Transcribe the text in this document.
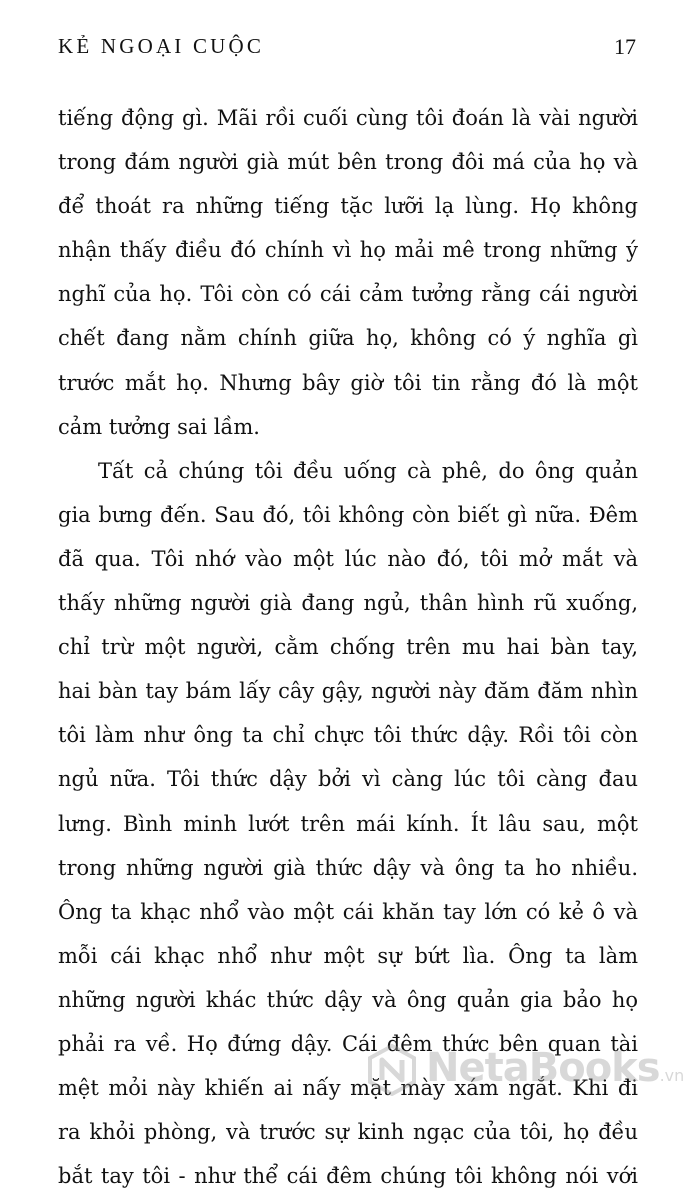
KẺ NGOẠI CUỘC	17
tiếng động gì. Mãi rồi cuối cùng tôi đoán là vài người
trong đám người già mút bên trong đôi má của họ và
để thoát ra những tiếng tặc lưỡi lạ lùng. Họ không
nhận thấy điều đó chính vì họ mải mê trong những ý
nghĩ của họ. Tôi còn có cái cảm tưởng rằng cái người
chết đang nằm chính giữa họ, không có ý nghĩa gì
trước mắt họ. Nhưng bây giờ tôi tin rằng đó là một
cảm tưởng sai lầm.
Tất cả chúng tôi đều uống cà phê, do ông quản
gia bưng đến. Sau đó, tôi không còn biết gì nữa. Đêm
đã qua. Tôi nhớ vào một lúc nào đó, tôi mở mắt và
thấy những người già đang ngủ, thân hình rũ xuống,
chỉ trừ một người, cằm chống trên mu hai bàn tay,
hai bàn tay bám lấy cây gậy, người này đăm đăm nhìn
tôi làm như ông ta chỉ chực tôi thức dậy. Rồi tôi còn
ngủ nữa. Tôi thức dậy bởi vì càng lúc tôi càng đau
lưng. Bình minh lướt trên mái kính. Ít lâu sau, một
trong những người già thức dậy và ông ta ho nhiều.
Ông ta khạc nhổ vào một cái khăn tay lớn có kẻ ô và
mỗi cái khạc nhổ như một sự bứt lìa. Ông ta làm
những người khác thức dậy và ông quản gia bảo họ
phải ra về. Họ đứng dậy. Cái đêm thức bên quan tài
mệt mỏi này khiến ai nấy mặt mày xám ngắt. Khi đi
ra khỏi phòng, và trước sự kinh ngạc của tôi, họ đều
bắt tay tôi - như thể cái đêm chúng tôi không nói với
NetaBooks.vn
